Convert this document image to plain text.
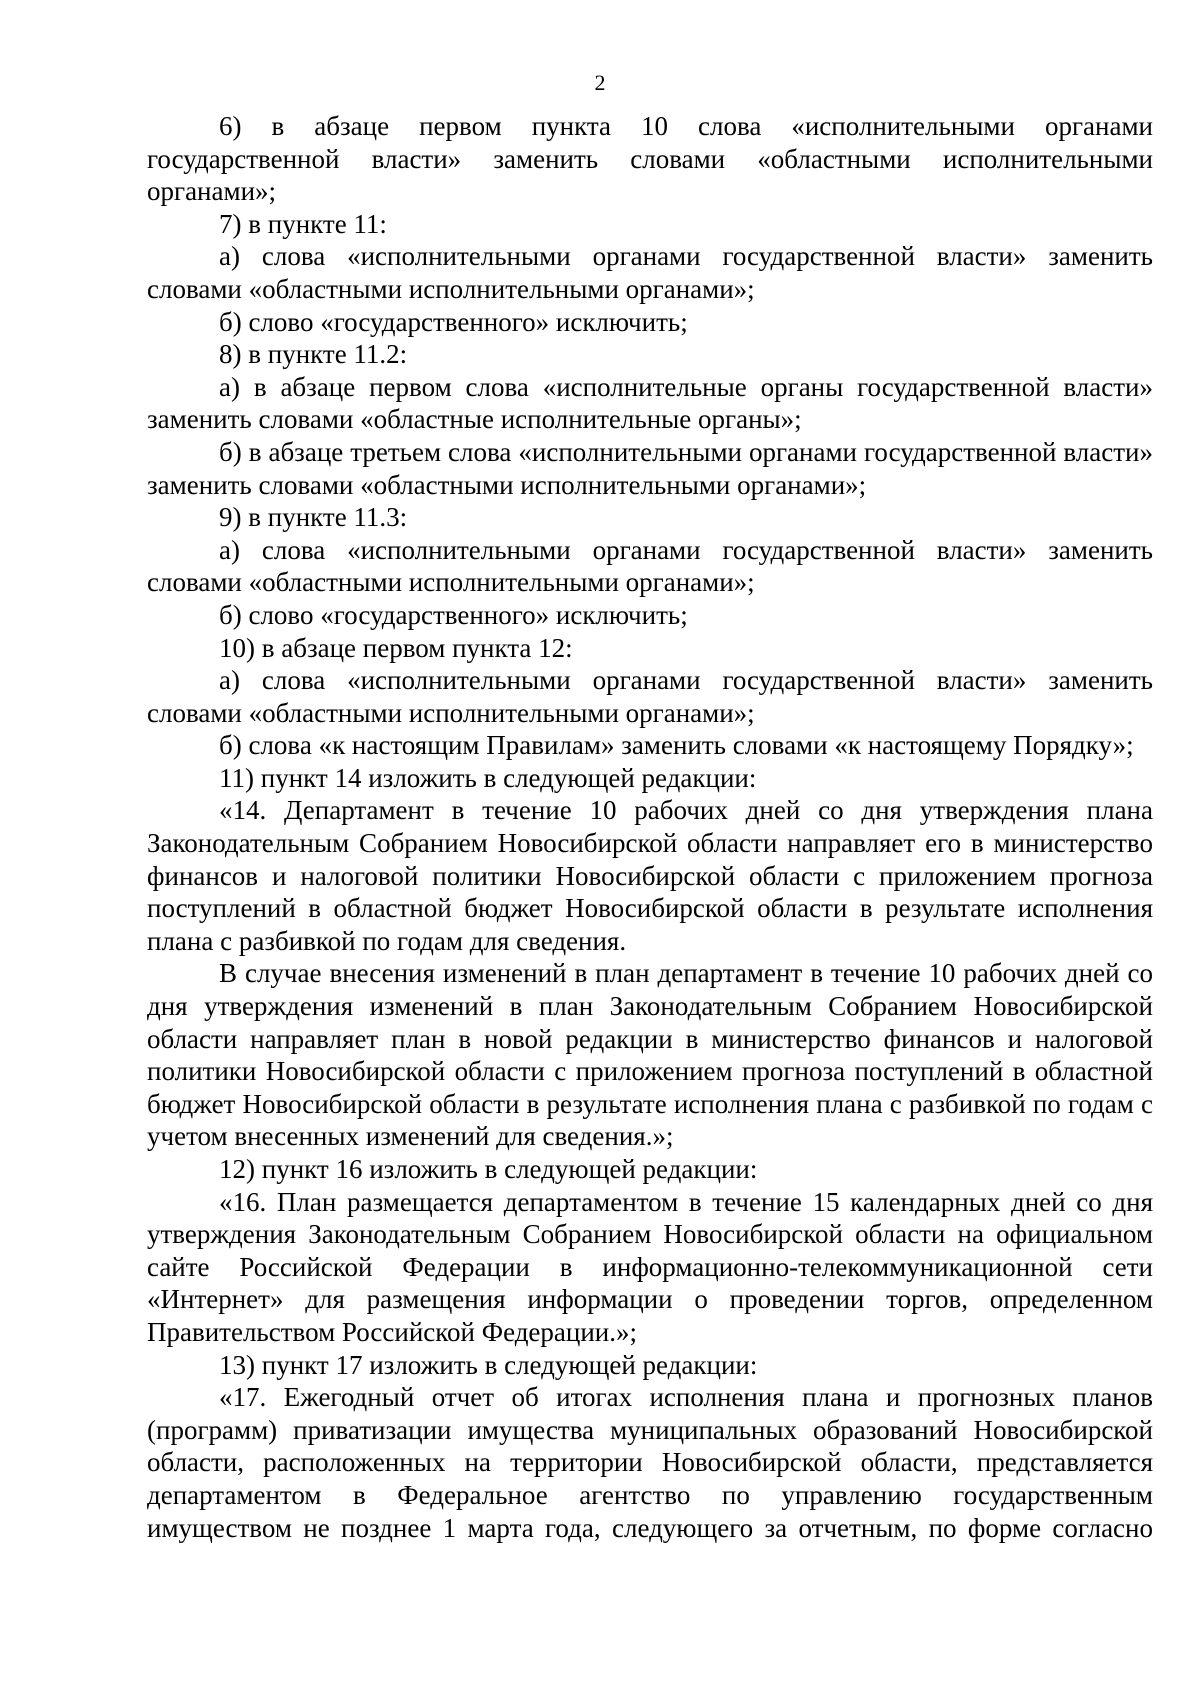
2

6) в абзаце первом пункта 10 слова «исполнительными органами государственной власти» заменить словами «областными исполнительными органами»;

7) в пункте 11:

а) слова «исполнительными органами государственной власти» заменить словами «областными исполнительными органами»;

б) слово «государственного» исключить;

8) в пункте 11.2:

а) в абзаце первом слова «исполнительные органы государственной власти» заменить словами «областные исполнительные органы»;

б) в абзаце третьем слова «исполнительными органами государственной власти» заменить словами «областными исполнительными органами»;

9) в пункте 11.3:

а) слова «исполнительными органами государственной власти» заменить словами «областными исполнительными органами»;

б) слово «государственного» исключить;

10) в абзаце первом пункта 12:

а) слова «исполнительными органами государственной власти» заменить словами «областными исполнительными органами»;

б) слова «к настоящим Правилам» заменить словами «к настоящему Порядку»;

11) пункт 14 изложить в следующей редакции:

«14. Департамент в течение 10 рабочих дней со дня утверждения плана Законодательным Собранием Новосибирской области направляет его в министерство финансов и налоговой политики Новосибирской области с приложением прогноза поступлений в областной бюджет Новосибирской области в результате исполнения плана с разбивкой по годам для сведения.

В случае внесения изменений в план департамент в течение 10 рабочих дней со дня утверждения изменений в план Законодательным Собранием Новосибирской области направляет план в новой редакции в министерство финансов и налоговой политики Новосибирской области с приложением прогноза поступлений в областной бюджет Новосибирской области в результате исполнения плана с разбивкой по годам с учетом внесенных изменений для сведения.»;

12) пункт 16 изложить в следующей редакции:

«16. План размещается департаментом в течение 15 календарных дней со дня утверждения Законодательным Собранием Новосибирской области на официальном сайте Российской Федерации в информационно-телекоммуникационной сети «Интернет» для размещения информации о проведении торгов, определенном Правительством Российской Федерации.»;

13) пункт 17 изложить в следующей редакции:

«17. Ежегодный отчет об итогах исполнения плана и прогнозных планов (программ) приватизации имущества муниципальных образований Новосибирской области, расположенных на территории Новосибирской области, представляется департаментом в Федеральное агентство по управлению государственным имуществом не позднее 1 марта года, следующего за отчетным, по форме согласно
